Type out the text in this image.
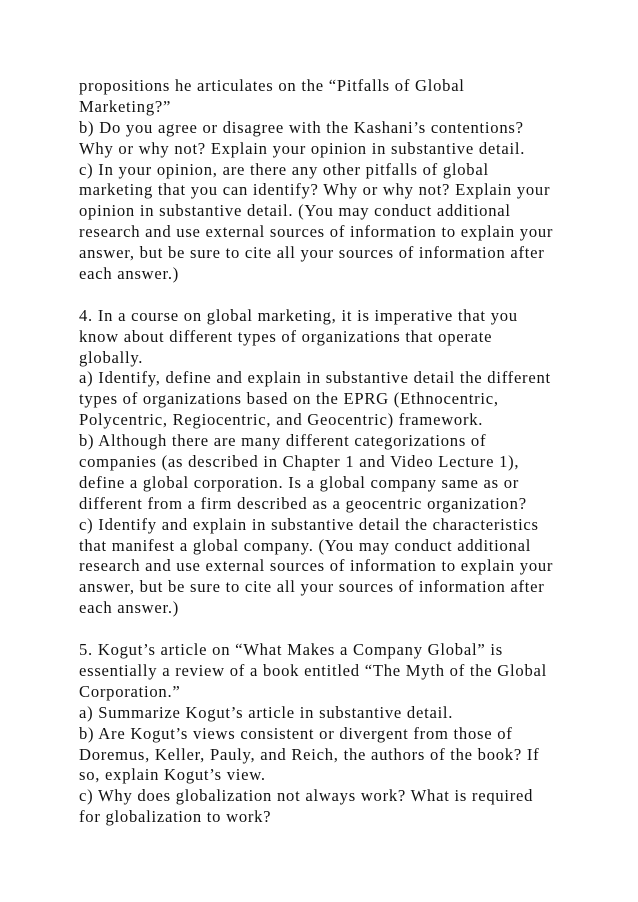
propositions he articulates on the “Pitfalls of Global
Marketing?”
b) Do you agree or disagree with the Kashani’s contentions?
Why or why not? Explain your opinion in substantive detail.
c) In your opinion, are there any other pitfalls of global
marketing that you can identify? Why or why not? Explain your
opinion in substantive detail. (You may conduct additional
research and use external sources of information to explain your
answer, but be sure to cite all your sources of information after
each answer.)
4. In a course on global marketing, it is imperative that you
know about different types of organizations that operate
globally.
a) Identify, define and explain in substantive detail the different
types of organizations based on the EPRG (Ethnocentric,
Polycentric, Regiocentric, and Geocentric) framework.
b) Although there are many different categorizations of
companies (as described in Chapter 1 and Video Lecture 1),
define a global corporation. Is a global company same as or
different from a firm described as a geocentric organization?
c) Identify and explain in substantive detail the characteristics
that manifest a global company. (You may conduct additional
research and use external sources of information to explain your
answer, but be sure to cite all your sources of information after
each answer.)
5. Kogut’s article on “What Makes a Company Global” is
essentially a review of a book entitled “The Myth of the Global
Corporation.”
a) Summarize Kogut’s article in substantive detail.
b) Are Kogut’s views consistent or divergent from those of
Doremus, Keller, Pauly, and Reich, the authors of the book? If
so, explain Kogut’s view.
c) Why does globalization not always work? What is required
for globalization to work?
